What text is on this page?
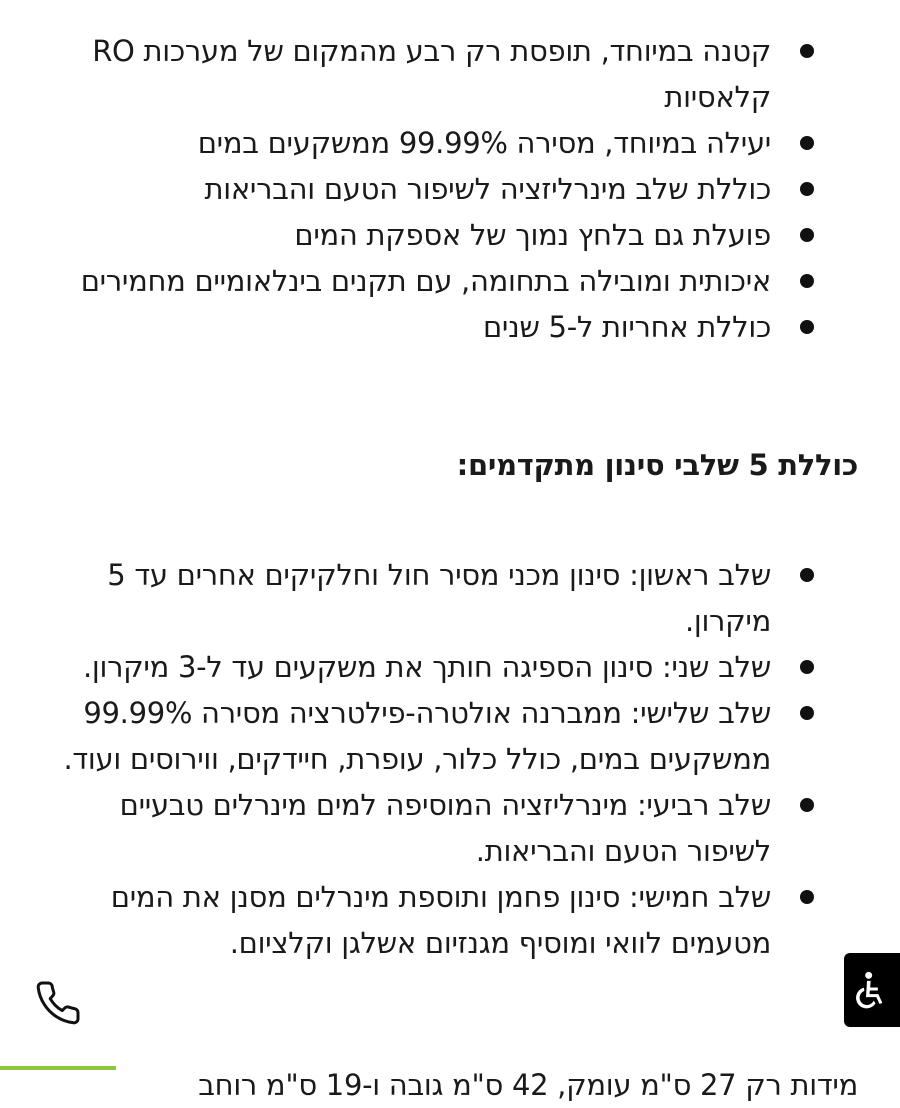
קטנה במיוחד, תופסת רק רבע מהמקום של מערכות RO קלאסיות
יעילה במיוחד, מסירה 99.99% ממשקעים במים
כוללת שלב מינרליזציה לשיפור הטעם והבריאות
פועלת גם בלחץ נמוך של אספקת המים
איכותית ומובילה בתחומה, עם תקנים בינלאומיים מחמירים
כוללת אחריות ל-5 שנים
כוללת 5 שלבי סינון מתקדמים:
שלב ראשון: סינון מכני מסיר חול וחלקיקים אחרים עד 5 מיקרון.
שלב שני: סינון הספיגה חותך את משקעים עד ל-3 מיקרון.
שלב שלישי: ממברנה אולטרה-פילטרציה מסירה 99.99% ממשקעים במים, כולל כלור, עופרת, חיידקים, ווירוסים ועוד.
שלב רביעי: מינרליזציה המוסיפה למים מינרלים טבעיים לשיפור הטעם והבריאות.
שלב חמישי: סינון פחמן ותוספת מינרלים מסנן את המים מטעמים לוואי ומוסיף מגנזיום אשלגן וקלציום.

מידות רק 27 ס"מ עומק, 42 ס"מ גובה ו-19 ס"מ רוחב
